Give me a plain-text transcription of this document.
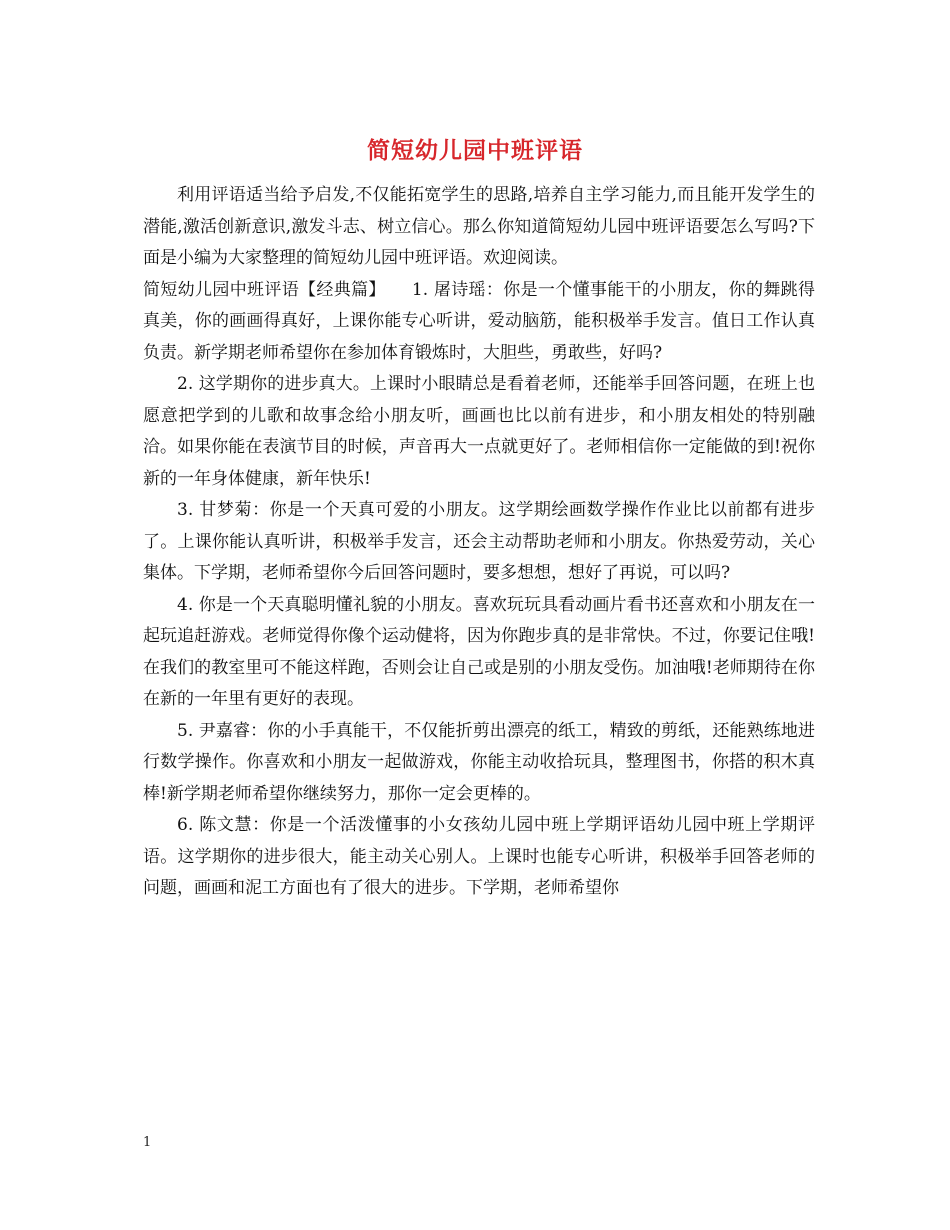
简短幼儿园中班评语

利用评语适当给予启发,不仅能拓宽学生的思路,培养自主学习能力,而且能开发学生的潜能,激活创新意识,激发斗志、树立信心。那么你知道简短幼儿园中班评语要怎么写吗?下面是小编为大家整理的简短幼儿园中班评语。欢迎阅读。

简短幼儿园中班评语【经典篇】　　1. 屠诗瑶：你是一个懂事能干的小朋友，你的舞跳得真美，你的画画得真好，上课你能专心听讲，爱动脑筋，能积极举手发言。值日工作认真负责。新学期老师希望你在参加体育锻炼时，大胆些，勇敢些，好吗?

2. 这学期你的进步真大。上课时小眼睛总是看着老师，还能举手回答问题，在班上也愿意把学到的儿歌和故事念给小朋友听，画画也比以前有进步，和小朋友相处的特别融洽。如果你能在表演节目的时候，声音再大一点就更好了。老师相信你一定能做的到!祝你新的一年身体健康，新年快乐!

3. 甘梦菊：你是一个天真可爱的小朋友。这学期绘画数学操作作业比以前都有进步了。上课你能认真听讲，积极举手发言，还会主动帮助老师和小朋友。你热爱劳动，关心集体。下学期，老师希望你今后回答问题时，要多想想，想好了再说，可以吗?

4. 你是一个天真聪明懂礼貌的小朋友。喜欢玩玩具看动画片看书还喜欢和小朋友在一起玩追赶游戏。老师觉得你像个运动健将，因为你跑步真的是非常快。不过，你要记住哦!在我们的教室里可不能这样跑，否则会让自己或是别的小朋友受伤。加油哦!老师期待在你在新的一年里有更好的表现。

5. 尹嘉睿：你的小手真能干，不仅能折剪出漂亮的纸工，精致的剪纸，还能熟练地进行数学操作。你喜欢和小朋友一起做游戏，你能主动收拾玩具，整理图书，你搭的积木真棒!新学期老师希望你继续努力，那你一定会更棒的。

6. 陈文慧：你是一个活泼懂事的小女孩幼儿园中班上学期评语幼儿园中班上学期评语。这学期你的进步很大，能主动关心别人。上课时也能专心听讲，积极举手回答老师的问题，画画和泥工方面也有了很大的进步。下学期，老师希望你

1
